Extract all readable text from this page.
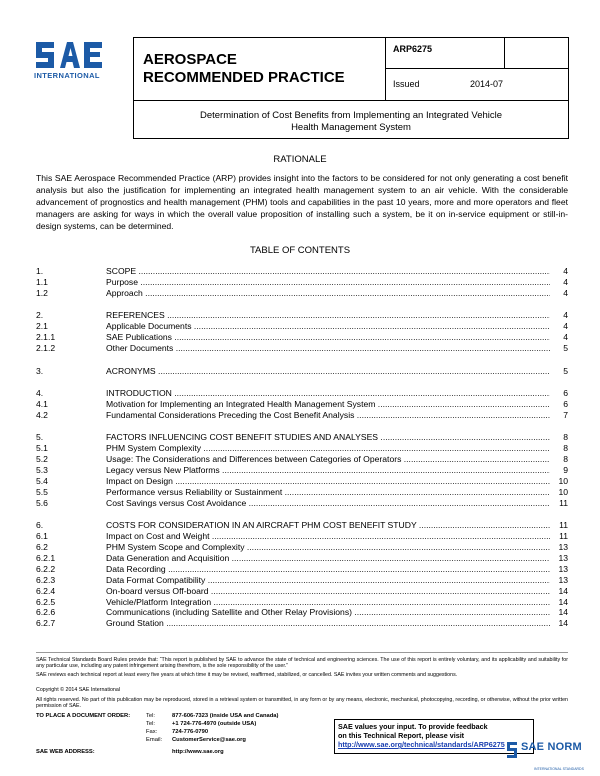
INTERNATIONAL
AEROSPACE
RECOMMENDED PRACTICE
ARP6275
Issued	2014-07
Determination of Cost Benefits from Implementing an Integrated Vehicle
Health Management System
RATIONALE
This SAE Aerospace Recommended Practice (ARP) provides insight into the factors to be considered for not only generating a cost benefit analysis but also the justification for implementing an integrated health management system to an air vehicle. With the considerable advancement of prognostics and health management (PHM) tools and capabilities in the past 10 years, more and more operators and fleet managers are asking for ways in which the overall value proposition of installing such a system, be it on in-service equipment or still-in-design systems, can be determined.
TABLE OF CONTENTS
1.	SCOPE .....	4
1.1	Purpose .....	4
1.2	Approach .....	4
2.	REFERENCES .....	4
2.1	Applicable Documents .....	4
2.1.1	SAE Publications .....	4
2.1.2	Other Documents .....	5
3.	ACRONYMS .....	5
4.	INTRODUCTION .....	6
4.1	Motivation for Implementing an Integrated Health Management System .....	6
4.2	Fundamental Considerations Preceding the Cost Benefit Analysis .....	7
5.	FACTORS INFLUENCING COST BENEFIT STUDIES AND ANALYSES .....	8
5.1	PHM System Complexity .....	8
5.2	Usage: The Considerations and Differences between Categories of Operators .....	8
5.3	Legacy versus New Platforms .....	9
5.4	Impact on Design .....	10
5.5	Performance versus Reliability or Sustainment .....	10
5.6	Cost Savings versus Cost Avoidance .....	11
6.	COSTS FOR CONSIDERATION IN AN AIRCRAFT PHM COST BENEFIT STUDY .....	11
6.1	Impact on Cost and Weight .....	11
6.2	PHM System Scope and Complexity .....	13
6.2.1	Data Generation and Acquisition .....	13
6.2.2	Data Recording .....	13
6.2.3	Data Format Compatibility .....	13
6.2.4	On-board versus Off-board .....	14
6.2.5	Vehicle/Platform Integration .....	14
6.2.6	Communications (including Satellite and Other Relay Provisions) .....	14
6.2.7	Ground Station .....	14
SAE Technical Standards Board Rules provide that: “This report is published by SAE to advance the state of technical and engineering sciences. The use of this report is entirely voluntary, and its applicability and suitability for any particular use, including any patent infringement arising therefrom, is the sole responsibility of the user.”
SAE reviews each technical report at least every five years at which time it may be revised, reaffirmed, stabilized, or cancelled. SAE invites your written comments and suggestions.
Copyright © 2014 SAE International
All rights reserved. No part of this publication may be reproduced, stored in a retrieval system or transmitted, in any form or by any means, electronic, mechanical, photocopying, recording, or otherwise, without the prior written permission of SAE.
TO PLACE A DOCUMENT ORDER:	Tel:	877-606-7323 (inside USA and Canada)
Tel:	+1 724-776-4970 (outside USA)
Fax:	724-776-0790
Email: CustomerService@sae.org
SAE WEB ADDRESS:	http://www.sae.org
SAE values your input. To provide feedback
on this Technical Report, please visit
http://www.sae.org/technical/standards/ARP6275	SAE NORM
INTERNATIONAL STANDARDS
